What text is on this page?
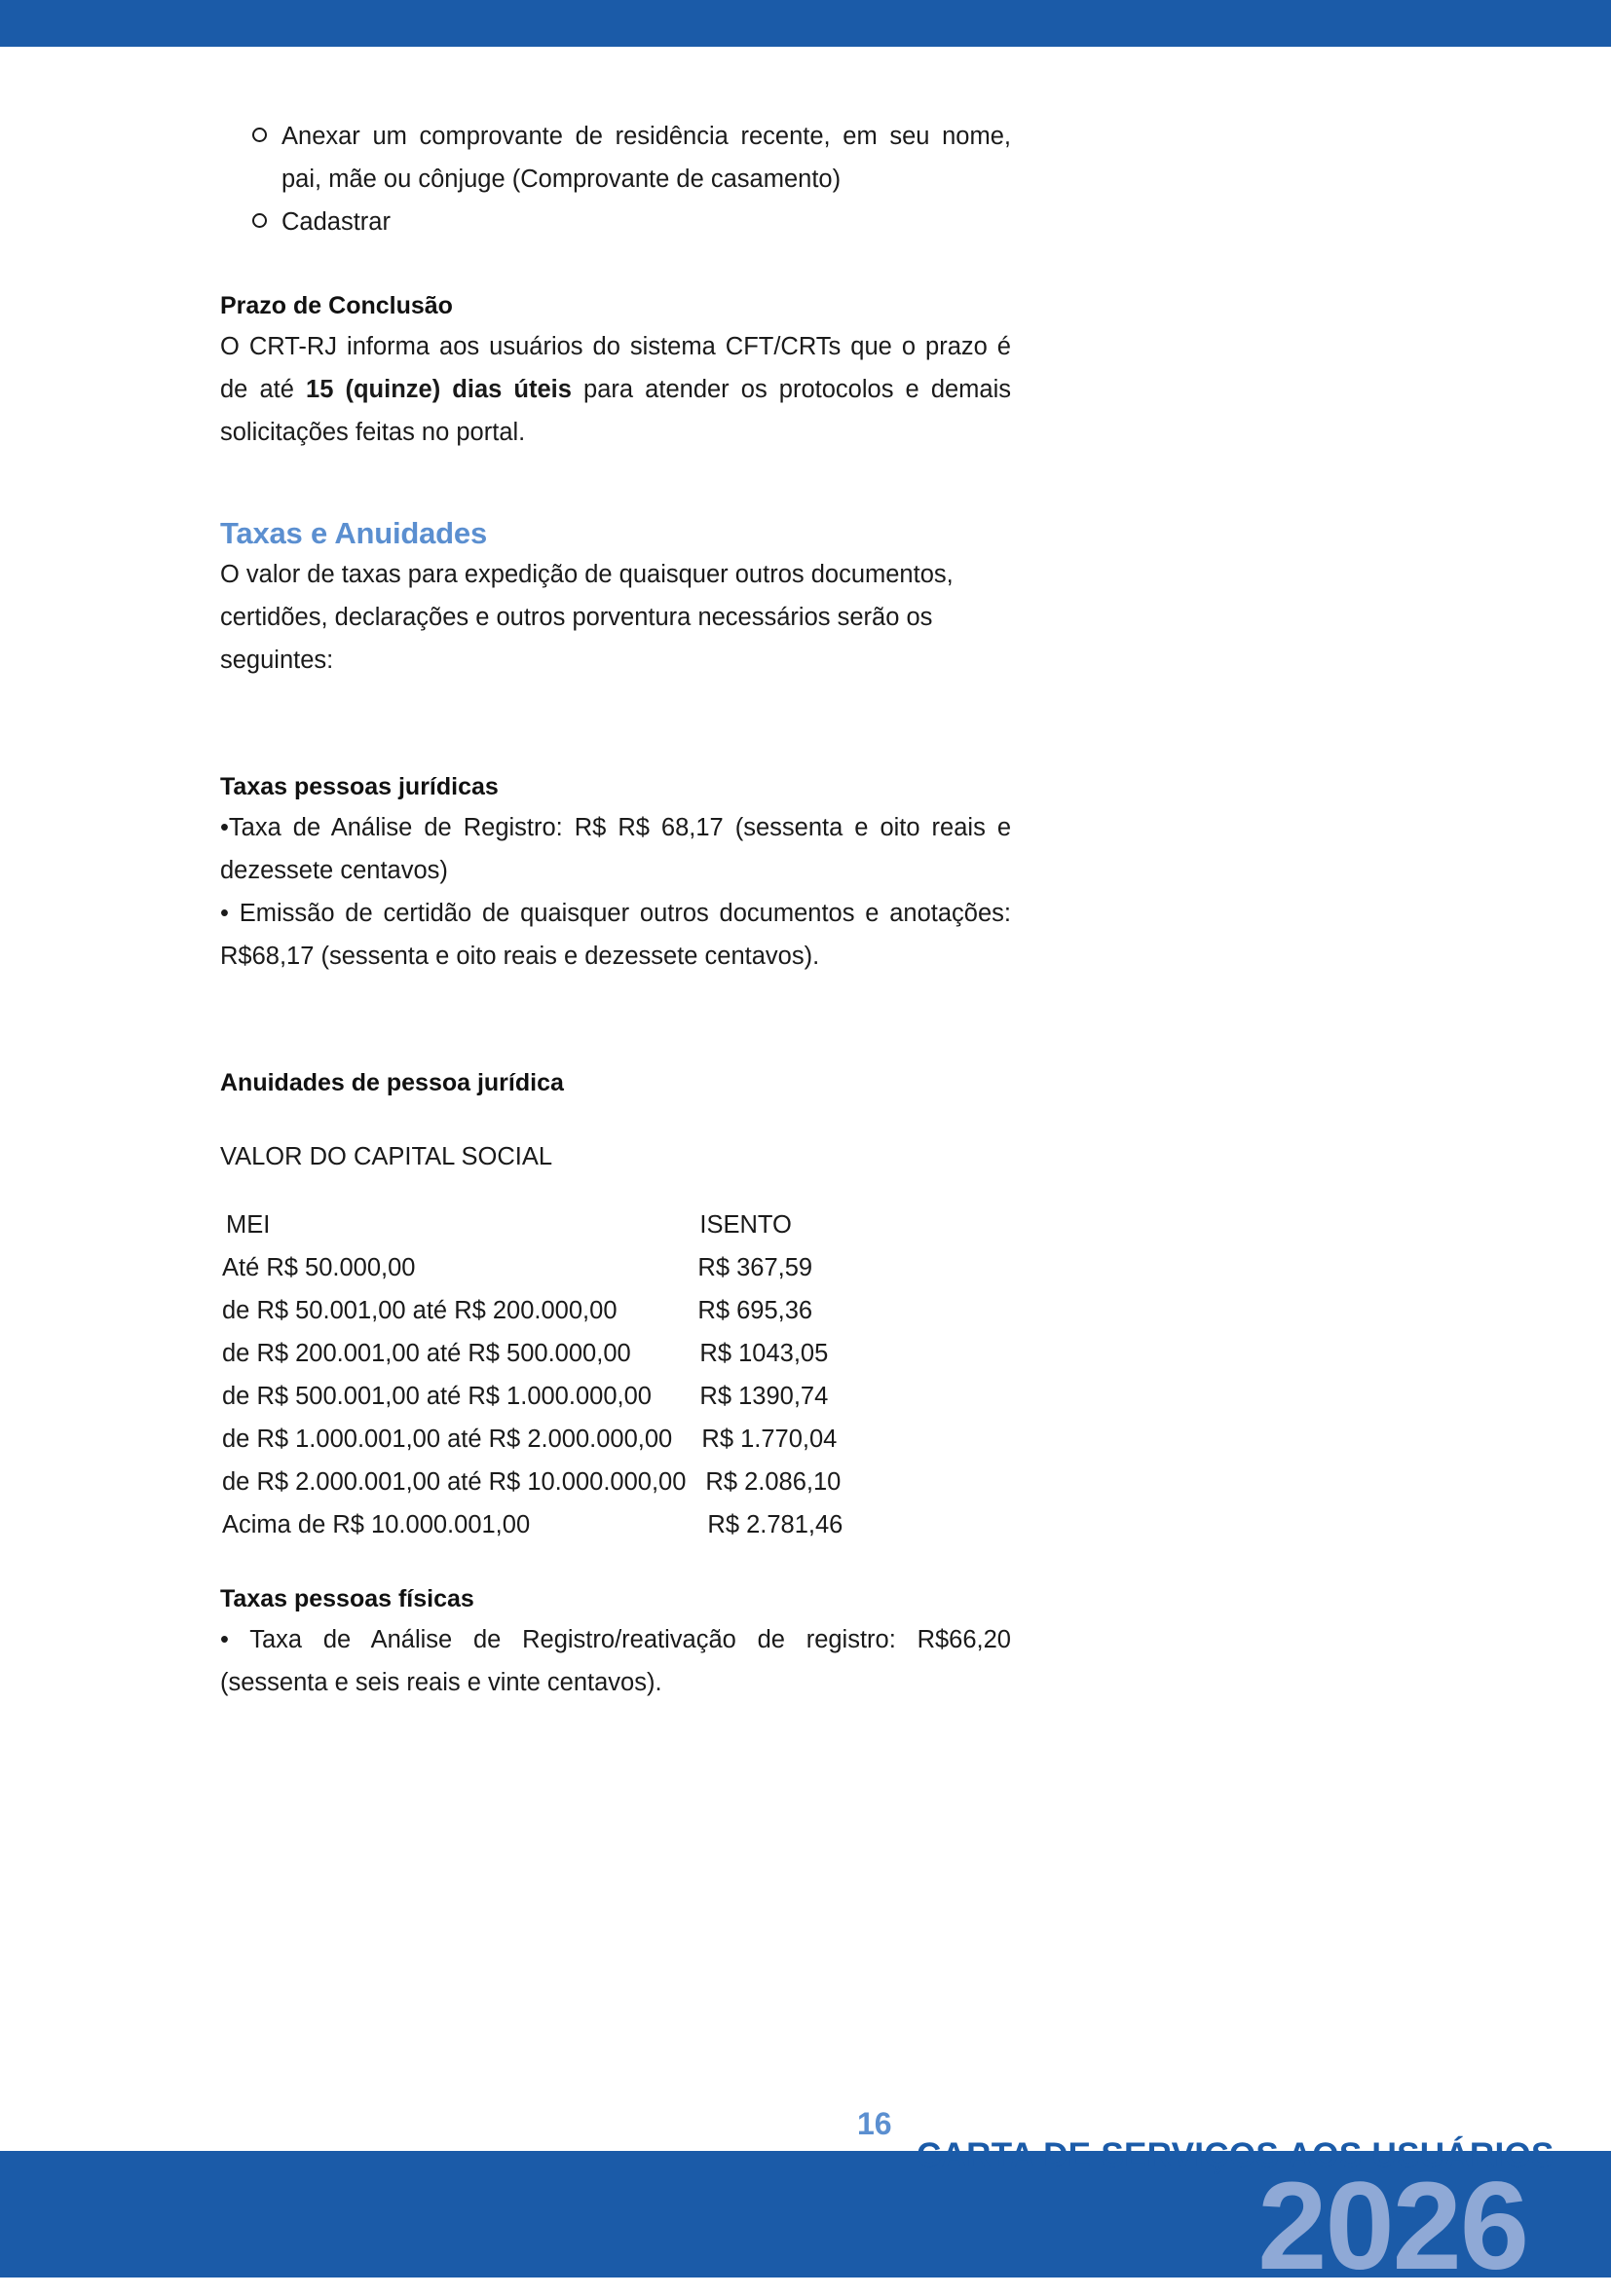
Anexar um comprovante de residência recente, em seu nome, pai, mãe ou cônjuge (Comprovante de casamento)
Cadastrar
Prazo de Conclusão

O CRT-RJ informa aos usuários do sistema CFT/CRTs que o prazo é de até 15 (quinze) dias úteis para atender os protocolos e demais solicitações feitas no portal.

Taxas e Anuidades

O valor de taxas para expedição de quaisquer outros documentos, certidões, declarações e outros porventura necessários serão os seguintes:

Taxas pessoas jurídicas

•Taxa de Análise de Registro: R$ R$ 68,17 (sessenta e oito reais e dezessete centavos)

• Emissão de certidão de quaisquer outros documentos e anotações: R$68,17 (sessenta e oito reais e dezessete centavos).

Anuidades de pessoa jurídica

VALOR DO CAPITAL SOCIAL

MEI	ISENTO
Até R$ 50.000,00	R$ 367,59
de R$ 50.001,00 até R$ 200.000,00	R$ 695,36
de R$ 200.001,00 até R$ 500.000,00	R$ 1043,05
de R$ 500.001,00 até R$ 1.000.000,00	R$ 1390,74
de R$ 1.000.001,00 até R$ 2.000.000,00	R$ 1.770,04
de R$ 2.000.001,00 até R$ 10.000.000,00	R$ 2.086,10
Acima de R$ 10.000.001,00	R$ 2.781,46
Taxas pessoas físicas

• Taxa de Análise de Registro/reativação de registro: R$66,20 (sessenta e seis reais e vinte centavos).

16
CARTA DE SERVIÇOS AOS USUÁRIOS
2026
